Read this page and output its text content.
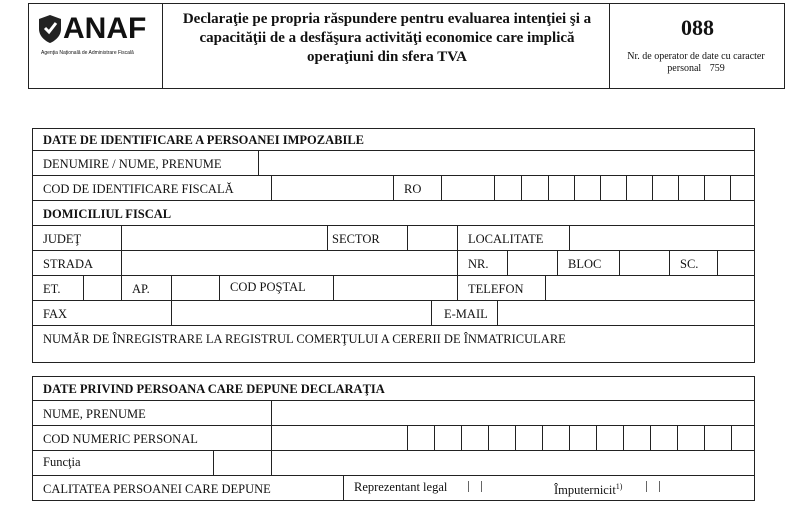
ANAF
Agenţia Naţională de Administrare Fiscală
Declaraţie pe propria răspundere pentru evaluarea intenţiei şi a capacităţii de a desfăşura activităţi economice care implică operaţiuni din sfera TVA
088
Nr. de operator de date cu caracter personal 759
DATE DE IDENTIFICARE A PERSOANEI IMPOZABILE
DENUMIRE / NUME, PRENUME
COD DE IDENTIFICARE FISCALĂ	RO
DOMICILIUL FISCAL
JUDEŢ	SECTOR	LOCALITATE
STRADA	NR.	BLOC	SC.
ET.	AP.	COD POŞTAL	TELEFON
FAX	E-MAIL
NUMĂR DE ÎNREGISTRARE LA REGISTRUL COMERŢULUI A CERERII DE ÎNMATRICULARE
DATE PRIVIND PERSOANA CARE DEPUNE DECLARAŢIA
NUME, PRENUME
COD NUMERIC PERSONAL
Funcţia
CALITATEA PERSOANEI CARE DEPUNE	Reprezentant legal	Împuternicit$^{1)}$
